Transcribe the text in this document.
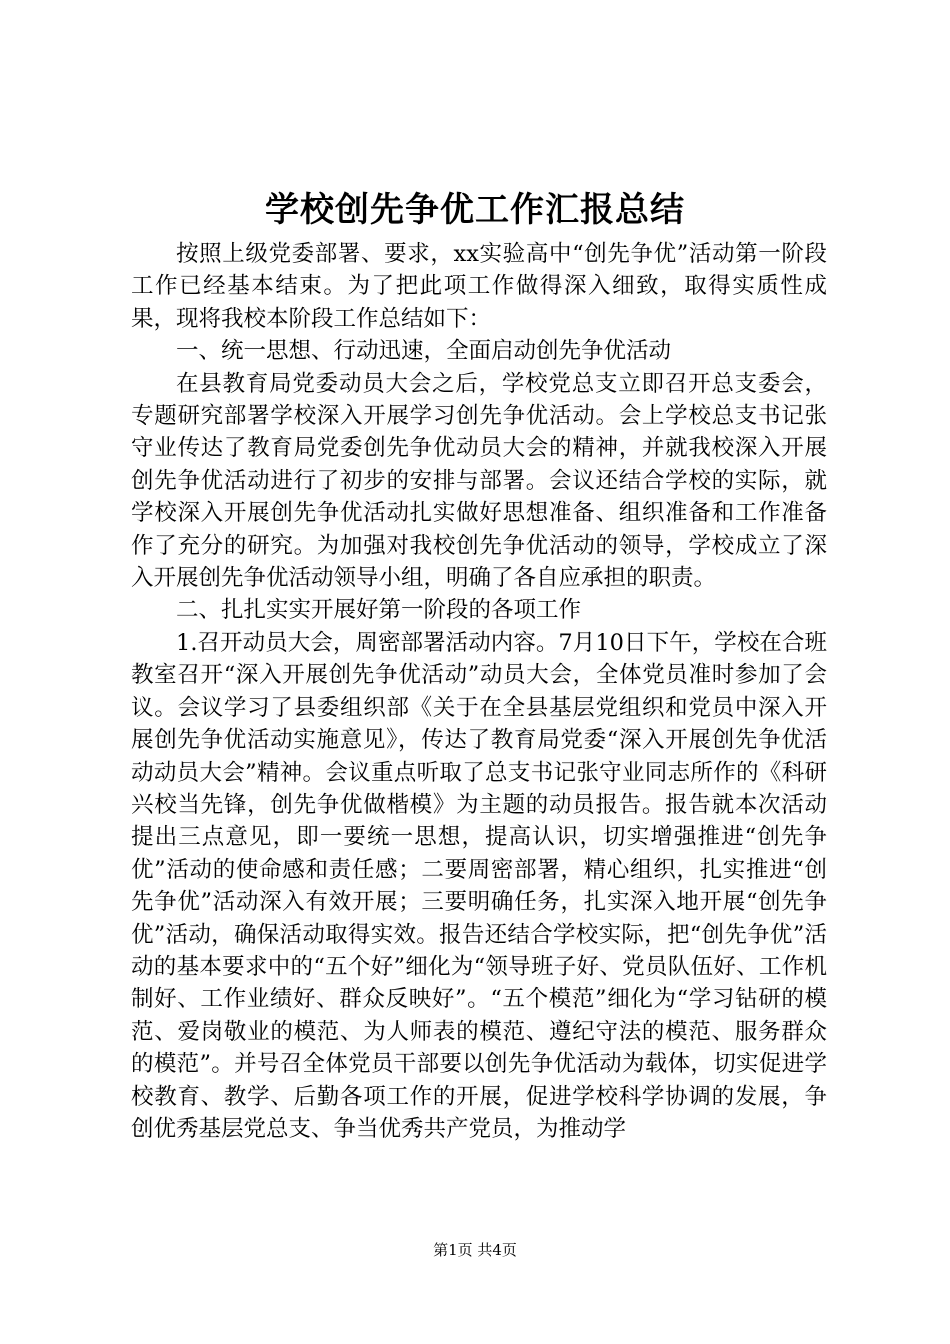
学校创先争优工作汇报总结

按照上级党委部署、要求，xx实验高中“创先争优”活动第一阶段工作已经基本结束。为了把此项工作做得深入细致，取得实质性成果，现将我校本阶段工作总结如下：

一、统一思想、行动迅速，全面启动创先争优活动

在县教育局党委动员大会之后，学校党总支立即召开总支委会，专题研究部署学校深入开展学习创先争优活动。会上学校总支书记张守业传达了教育局党委创先争优动员大会的精神，并就我校深入开展创先争优活动进行了初步的安排与部署。会议还结合学校的实际，就学校深入开展创先争优活动扎实做好思想准备、组织准备和工作准备作了充分的研究。为加强对我校创先争优活动的领导，学校成立了深入开展创先争优活动领导小组，明确了各自应承担的职责。

二、扎扎实实开展好第一阶段的各项工作

1.召开动员大会，周密部署活动内容。7月10日下午，学校在合班教室召开“深入开展创先争优活动”动员大会，全体党员准时参加了会议。会议学习了县委组织部《关于在全县基层党组织和党员中深入开展创先争优活动实施意见》，传达了教育局党委“深入开展创先争优活动动员大会”精神。会议重点听取了总支书记张守业同志所作的《科研兴校当先锋，创先争优做楷模》为主题的动员报告。报告就本次活动提出三点意见，即一要统一思想，提高认识，切实增强推进“创先争优”活动的使命感和责任感；二要周密部署，精心组织，扎实推进“创先争优”活动深入有效开展；三要明确任务，扎实深入地开展“创先争优”活动，确保活动取得实效。报告还结合学校实际，把“创先争优”活动的基本要求中的“五个好”细化为“领导班子好、党员队伍好、工作机制好、工作业绩好、群众反映好”。“五个模范”细化为“学习钻研的模范、爱岗敬业的模范、为人师表的模范、遵纪守法的模范、服务群众的模范”。并号召全体党员干部要以创先争优活动为载体，切实促进学校教育、教学、后勤各项工作的开展，促进学校科学协调的发展，争创优秀基层党总支、争当优秀共产党员，为推动学

第1页 共4页
